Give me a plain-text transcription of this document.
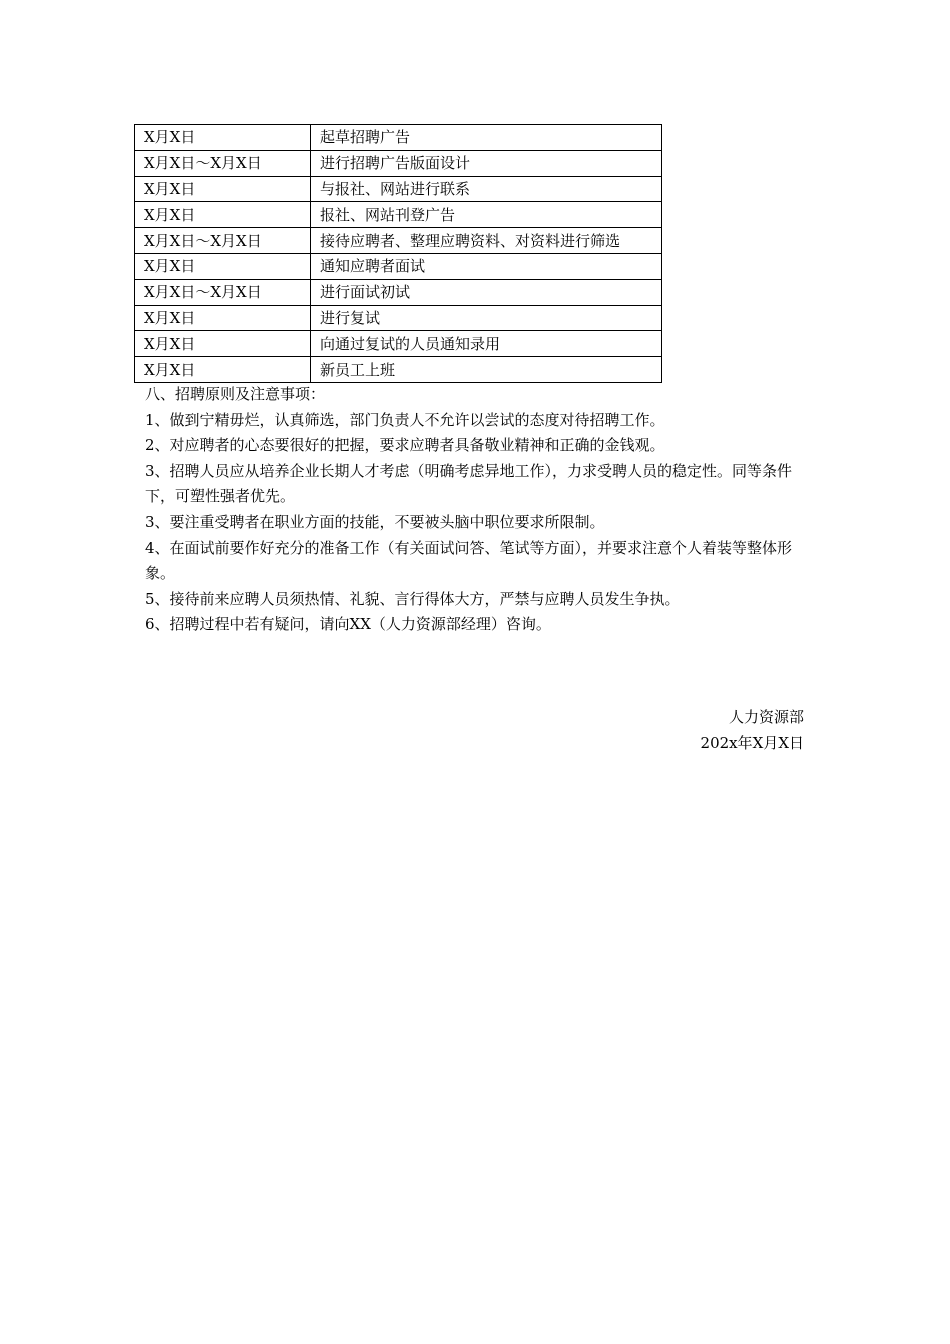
X月X日	起草招聘广告
X月X日～X月X日	进行招聘广告版面设计
X月X日	与报社、网站进行联系
X月X日	报社、网站刊登广告
X月X日～X月X日	接待应聘者、整理应聘资料、对资料进行筛选
X月X日	通知应聘者面试
X月X日～X月X日	进行面试初试
X月X日	进行复试
X月X日	向通过复试的人员通知录用
X月X日	新员工上班

八、招聘原则及注意事项：

1、做到宁精毋烂，认真筛选，部门负责人不允许以尝试的态度对待招聘工作。

2、对应聘者的心态要很好的把握，要求应聘者具备敬业精神和正确的金钱观。

3、招聘人员应从培养企业长期人才考虑（明确考虑异地工作），力求受聘人员的稳定性。同等条件下，可塑性强者优先。

3、要注重受聘者在职业方面的技能，不要被头脑中职位要求所限制。

4、在面试前要作好充分的准备工作（有关面试问答、笔试等方面），并要求注意个人着装等整体形象。

5、接待前来应聘人员须热情、礼貌、言行得体大方，严禁与应聘人员发生争执。

6、招聘过程中若有疑问，请向XX（人力资源部经理）咨询。

人力资源部
202x年X月X日
